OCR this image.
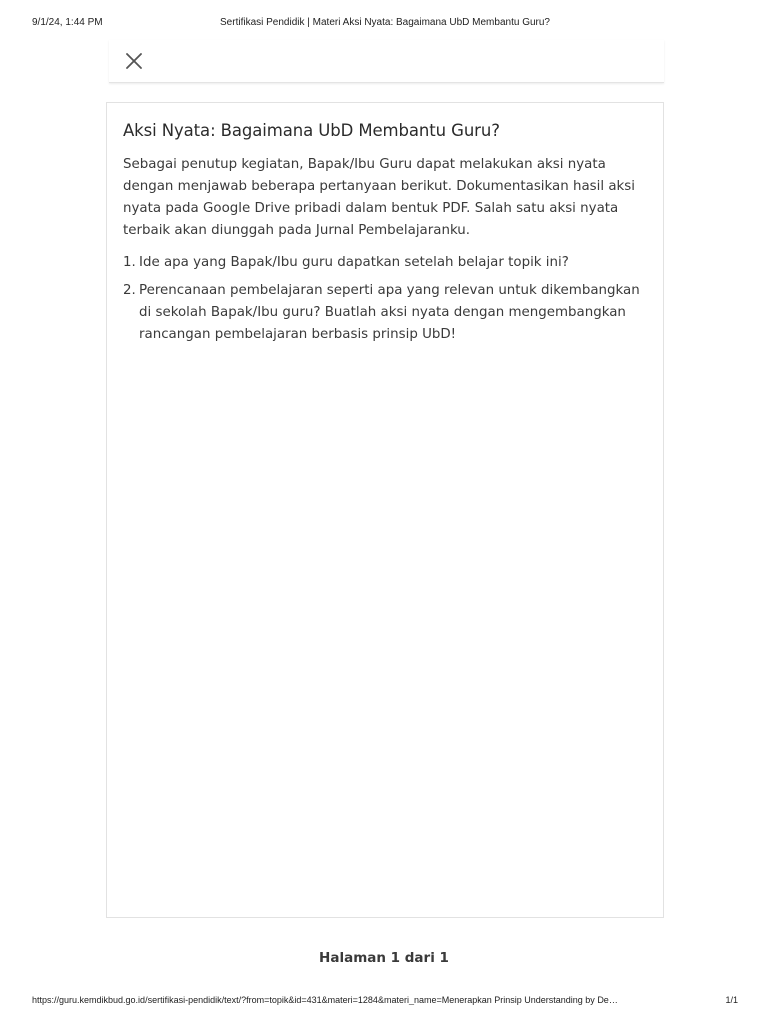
9/1/24, 1:44 PM	Sertifikasi Pendidik | Materi Aksi Nyata: Bagaimana UbD Membantu Guru?
Aksi Nyata: Bagaimana UbD Membantu Guru?

Sebagai penutup kegiatan, Bapak/Ibu Guru dapat melakukan aksi nyata dengan menjawab beberapa pertanyaan berikut. Dokumentasikan hasil aksi nyata pada Google Drive pribadi dalam bentuk PDF. Salah satu aksi nyata terbaik akan diunggah pada Jurnal Pembelajaranku.

1. Ide apa yang Bapak/Ibu guru dapatkan setelah belajar topik ini?
2. Perencanaan pembelajaran seperti apa yang relevan untuk dikembangkan di sekolah Bapak/Ibu guru? Buatlah aksi nyata dengan mengembangkan rancangan pembelajaran berbasis prinsip UbD!
Halaman 1 dari 1
https://guru.kemdikbud.go.id/sertifikasi-pendidik/text/?from=topik&id=431&materi=1284&materi_name=Menerapkan Prinsip Understanding by De…	1/1
